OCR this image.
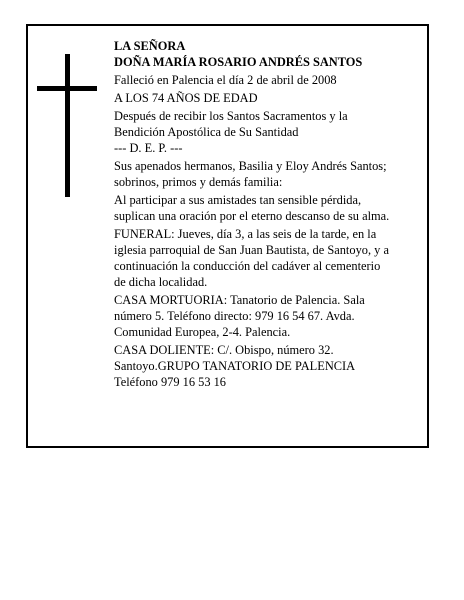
LA SEÑORA
DOÑA MARÍA ROSARIO ANDRÉS SANTOS
Falleció en Palencia el día 2 de abril de 2008
A LOS 74 AÑOS DE EDAD
Después de recibir los Santos Sacramentos y la
Bendición Apostólica de Su Santidad
--- D. E. P. ---
Sus apenados hermanos, Basilia y Eloy Andrés Santos;
sobrinos, primos y demás familia:
Al participar a sus amistades tan sensible pérdida,
suplican una oración por el eterno descanso de su alma.
FUNERAL: Jueves, día 3, a las seis de la tarde, en la
iglesia parroquial de San Juan Bautista, de Santoyo, y a
continuación la conducción del cadáver al cementerio
de dicha localidad.
CASA MORTUORIA: Tanatorio de Palencia. Sala
número 5. Teléfono directo: 979 16 54 67. Avda.
Comunidad Europea, 2-4. Palencia.
CASA DOLIENTE: C/. Obispo, número 32.
Santoyo.GRUPO TANATORIO DE PALENCIA
Teléfono 979 16 53 16
